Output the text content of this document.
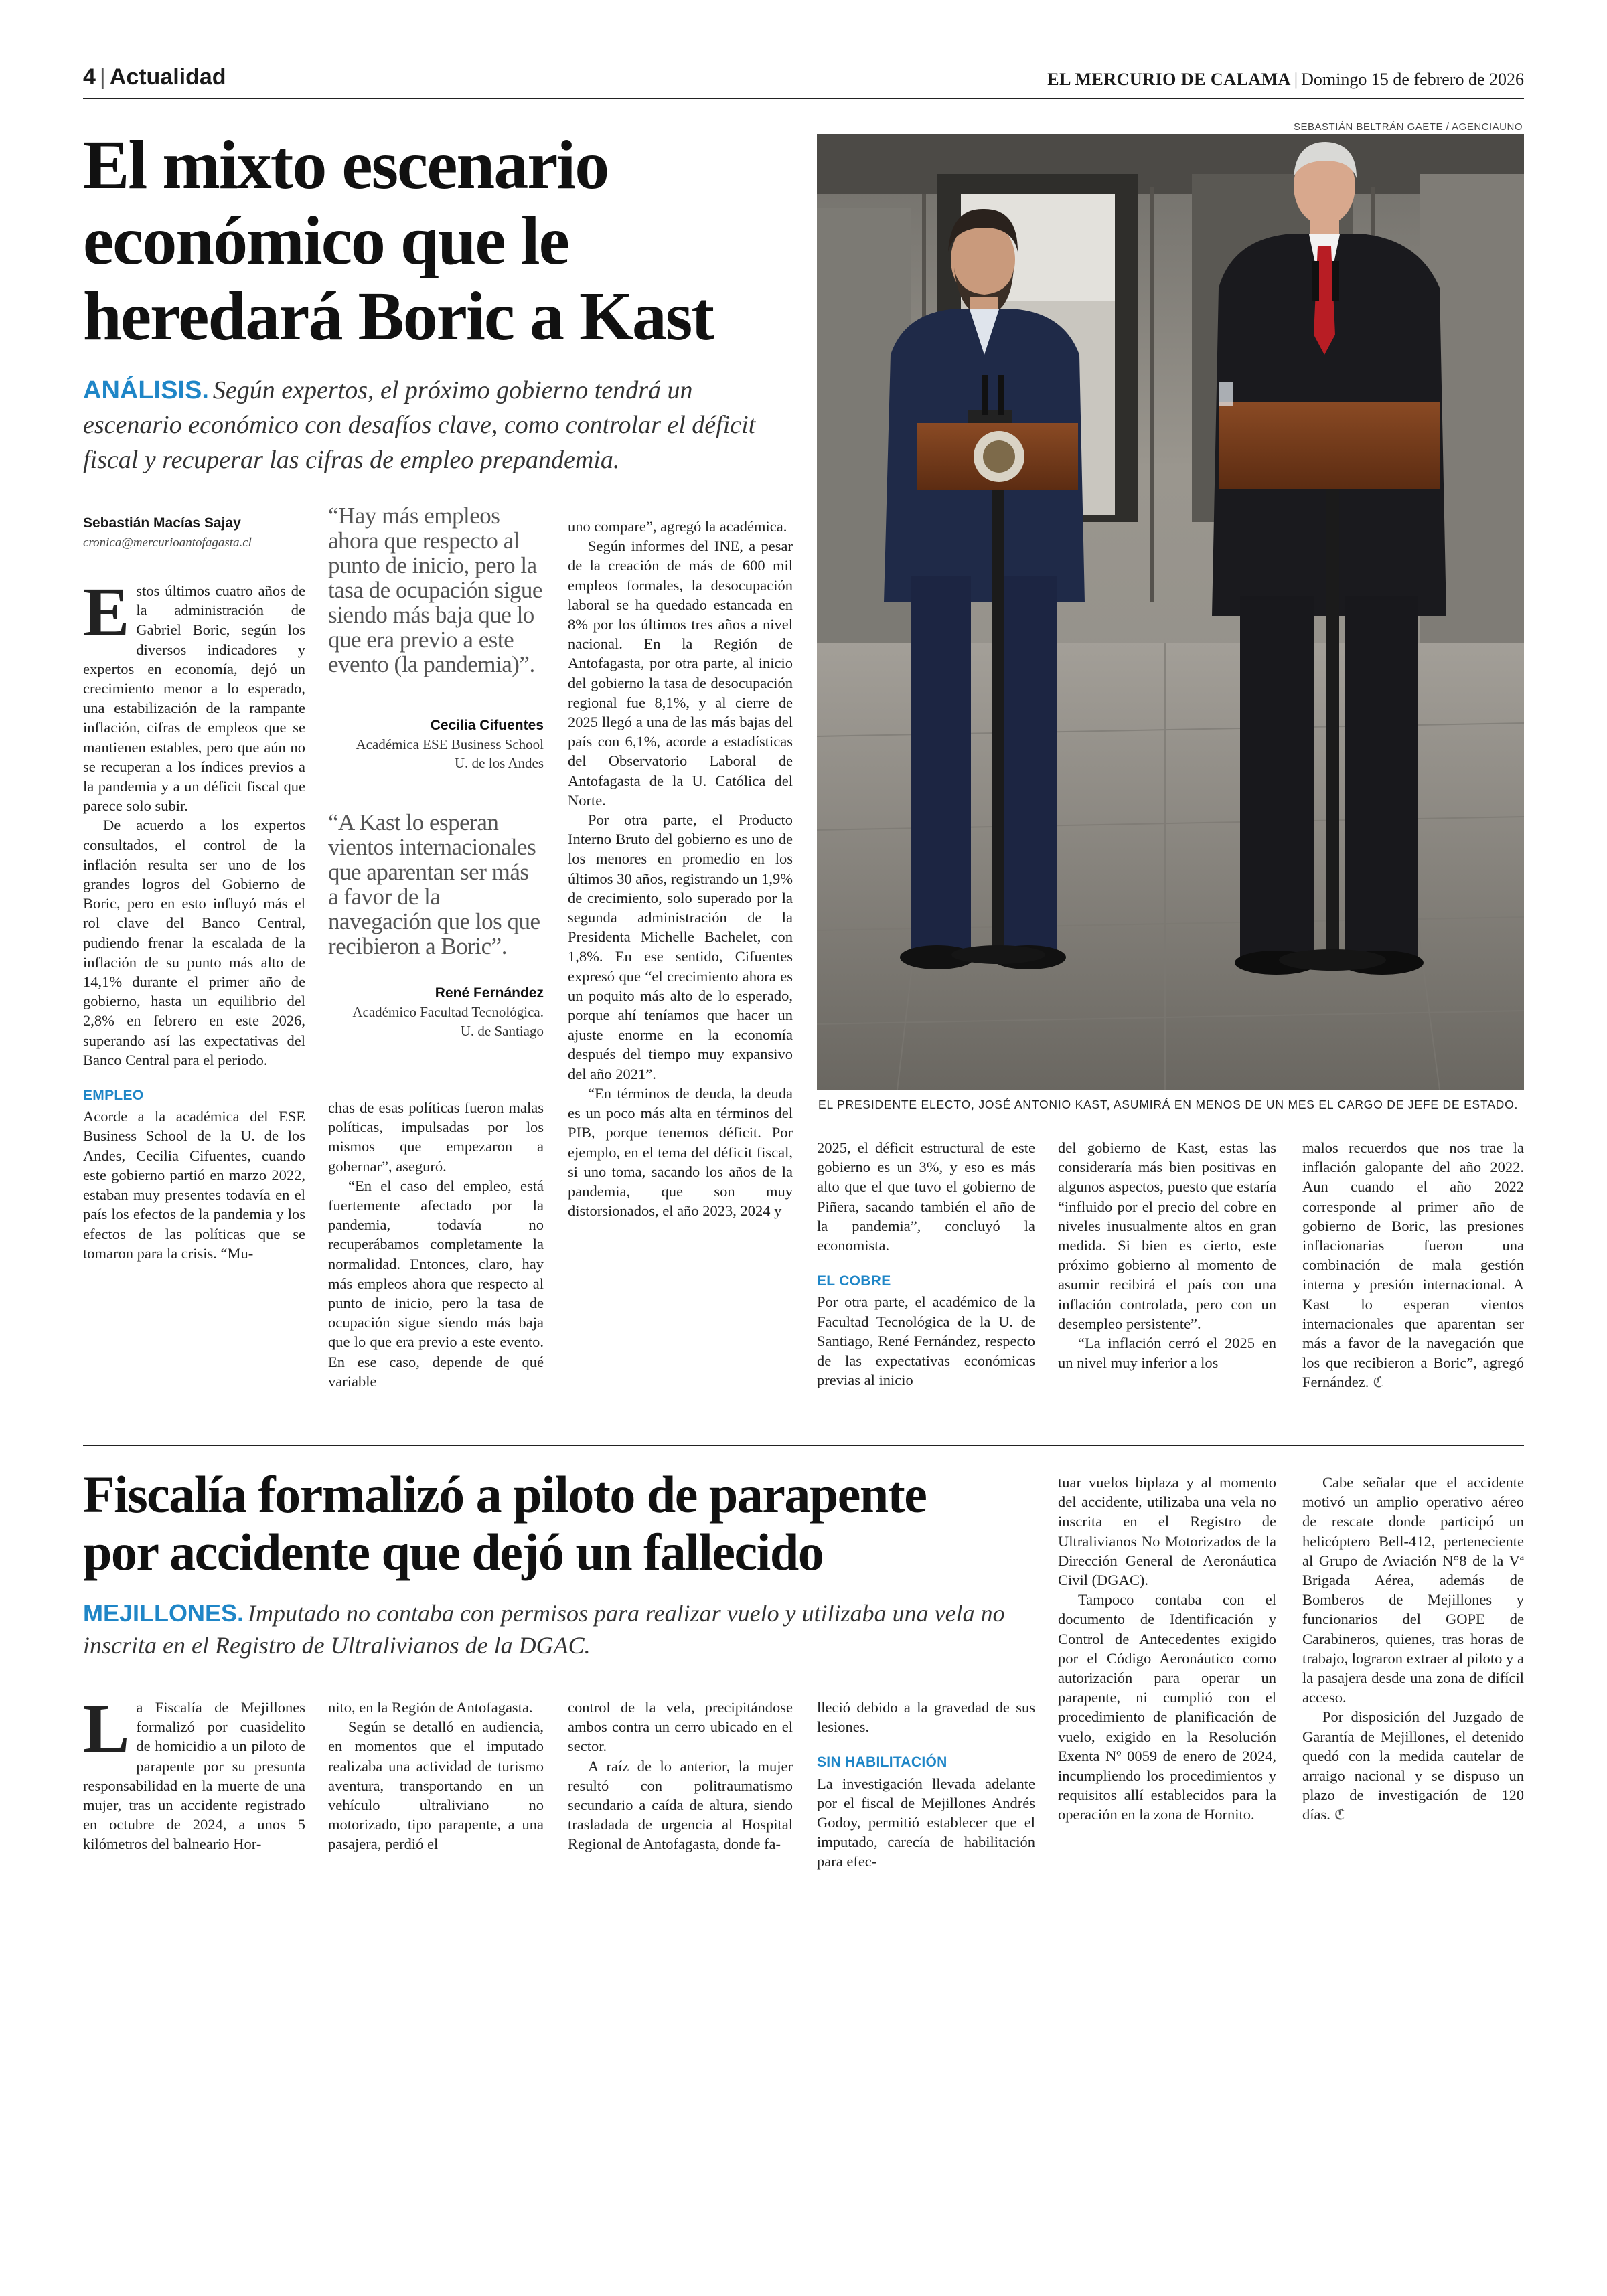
4 | Actualidad	EL MERCURIO DE CALAMA | Domingo 15 de febrero de 2026
El mixto escenario
económico que le
heredará Boric a Kast
ANÁLISIS. Según expertos, el próximo gobierno tendrá un escenario económico con desafíos clave, como controlar el déficit fiscal y recuperar las cifras de empleo prepandemia.
SEBASTIÁN BELTRÁN GAETE / AGENCIAUNO
EL PRESIDENTE ELECTO, JOSÉ ANTONIO KAST, ASUMIRÁ EN MENOS DE UN MES EL CARGO DE JEFE DE ESTADO.
Sebastián Macías Sajay
cronica@mercurioantofagasta.cl
E stos últimos cuatro años de la administración de Gabriel Boric, según los diversos indicadores y expertos en economía, dejó un crecimiento menor a lo esperado, una estabilización de la rampante inflación, cifras de empleos que se mantienen estables, pero que aún no se recuperan a los índices previos a la pandemia y a un déficit fiscal que parece solo subir.

De acuerdo a los expertos consultados, el control de la inflación resulta ser uno de los grandes logros del Gobierno de Boric, pero en esto influyó más el rol clave del Banco Central, pudiendo frenar la escalada de la inflación de su punto más alto de 14,1% durante el primer año de gobierno, hasta un equilibrio del 2,8% en febrero en este 2026, superando así las expectativas del Banco Central para el periodo.

EMPLEO

Acorde a la académica del ESE Business School de la U. de los Andes, Cecilia Cifuentes, cuando este gobierno partió en marzo 2022, estaban muy presentes todavía en el país los efectos de la pandemia y los efectos de las políticas que se tomaron para la crisis. “Mu-

“Hay más empleos ahora que respecto al punto de inicio, pero la tasa de ocupación sigue siendo más baja que lo que era previo a este evento (la pandemia)”.
Cecilia Cifuentes
Académica ESE Business School
U. de los Andes
“A Kast lo esperan vientos internacionales que aparentan ser más a favor de la navegación que los que recibieron a Boric”.
René Fernández
Académico Facultad Tecnológica.
U. de Santiago

chas de esas políticas fueron malas políticas, impulsadas por los mismos que empezaron a gobernar”, aseguró.

“En el caso del empleo, está fuertemente afectado por la pandemia, todavía no recuperábamos completamente la normalidad. Entonces, claro, hay más empleos ahora que respecto al punto de inicio, pero la tasa de ocupación sigue siendo más baja que lo que era previo a este evento. En ese caso, depende de qué variable

uno compare”, agregó la académica.

Según informes del INE, a pesar de la creación de más de 600 mil empleos formales, la desocupación laboral se ha quedado estancada en 8% por los últimos tres años a nivel nacional. En la Región de Antofagasta, por otra parte, al inicio del gobierno la tasa de desocupación regional fue 8,1%, y al cierre de 2025 llegó a una de las más bajas del país con 6,1%, acorde a estadísticas del Observatorio Laboral de Antofagasta de la U. Católica del Norte.

Por otra parte, el Producto Interno Bruto del gobierno es uno de los menores en promedio en los últimos 30 años, registrando un 1,9% de crecimiento, solo superado por la segunda administración de la Presidenta Michelle Bachelet, con 1,8%. En ese sentido, Cifuentes expresó que “el crecimiento ahora es un poquito más alto de lo esperado, porque ahí teníamos que hacer un ajuste enorme en la economía después del tiempo muy expansivo del año 2021”.

“En términos de deuda, la deuda es un poco más alta en términos del PIB, porque tenemos déficit. Por ejemplo, en el tema del déficit fiscal, si uno toma, sacando los años de la pandemia, que son muy distorsionados, el año 2023, 2024 y

2025, el déficit estructural de este gobierno es un 3%, y eso es más alto que el que tuvo el gobierno de Piñera, sacando también el año de la pandemia”, concluyó la economista.

EL COBRE

Por otra parte, el académico de la Facultad Tecnológica de la U. de Santiago, René Fernández, respecto de las expectativas económicas previas al inicio

del gobierno de Kast, estas las consideraría más bien positivas en algunos aspectos, puesto que estaría “influido por el precio del cobre en niveles inusualmente altos en gran medida. Si bien es cierto, este próximo gobierno al momento de asumir recibirá el país con una inflación controlada, pero con un desempleo persistente”.

“La inflación cerró el 2025 en un nivel muy inferior a los

malos recuerdos que nos trae la inflación galopante del año 2022. Aun cuando el año 2022 corresponde al primer año de gobierno de Boric, las presiones inflacionarias fueron una combinación de mala gestión interna y presión internacional. A Kast lo esperan vientos internacionales que aparentan ser más a favor de la navegación que los que recibieron a Boric”, agregó Fernández. ℭ

Fiscalía formalizó a piloto de parapente
por accidente que dejó un fallecido
MEJILLONES. Imputado no contaba con permisos para realizar vuelo y utilizaba una vela no inscrita en el Registro de Ultralivianos de la DGAC.
L a Fiscalía de Mejillones formalizó por cuasidelito de homicidio a un piloto de parapente por su presunta responsabilidad en la muerte de una mujer, tras un accidente registrado en octubre de 2024, a unos 5 kilómetros del balneario Hor-

nito, en la Región de Antofagasta.

Según se detalló en audiencia, en momentos que el imputado realizaba una actividad de turismo aventura, transportando en un vehículo ultraliviano no motorizado, tipo parapente, a una pasajera, perdió el

control de la vela, precipitándose ambos contra un cerro ubicado en el sector.

A raíz de lo anterior, la mujer resultó con politraumatismo secundario a caída de altura, siendo trasladada de urgencia al Hospital Regional de Antofagasta, donde fa-

lleció debido a la gravedad de sus lesiones.

SIN HABILITACIÓN

La investigación llevada adelante por el fiscal de Mejillones Andrés Godoy, permitió establecer que el imputado, carecía de habilitación para efec-

tuar vuelos biplaza y al momento del accidente, utilizaba una vela no inscrita en el Registro de Ultralivianos No Motorizados de la Dirección General de Aeronáutica Civil (DGAC).

Tampoco contaba con el documento de Identificación y Control de Antecedentes exigido por el Código Aeronáutico como autorización para operar un parapente, ni cumplió con el procedimiento de planificación de vuelo, exigido en la Resolución Exenta Nº 0059 de enero de 2024, incumpliendo los procedimientos y requisitos allí establecidos para la operación en la zona de Hornito.

Cabe señalar que el accidente motivó un amplio operativo aéreo de rescate donde participó un helicóptero Bell-412, perteneciente al Grupo de Aviación N°8 de la Vª Brigada Aérea, además de Bomberos de Mejillones y funcionarios del GOPE de Carabineros, quienes, tras horas de trabajo, lograron extraer al piloto y a la pasajera desde una zona de difícil acceso.

Por disposición del Juzgado de Garantía de Mejillones, el detenido quedó con la medida cautelar de arraigo nacional y se dispuso un plazo de investigación de 120 días. ℭ
